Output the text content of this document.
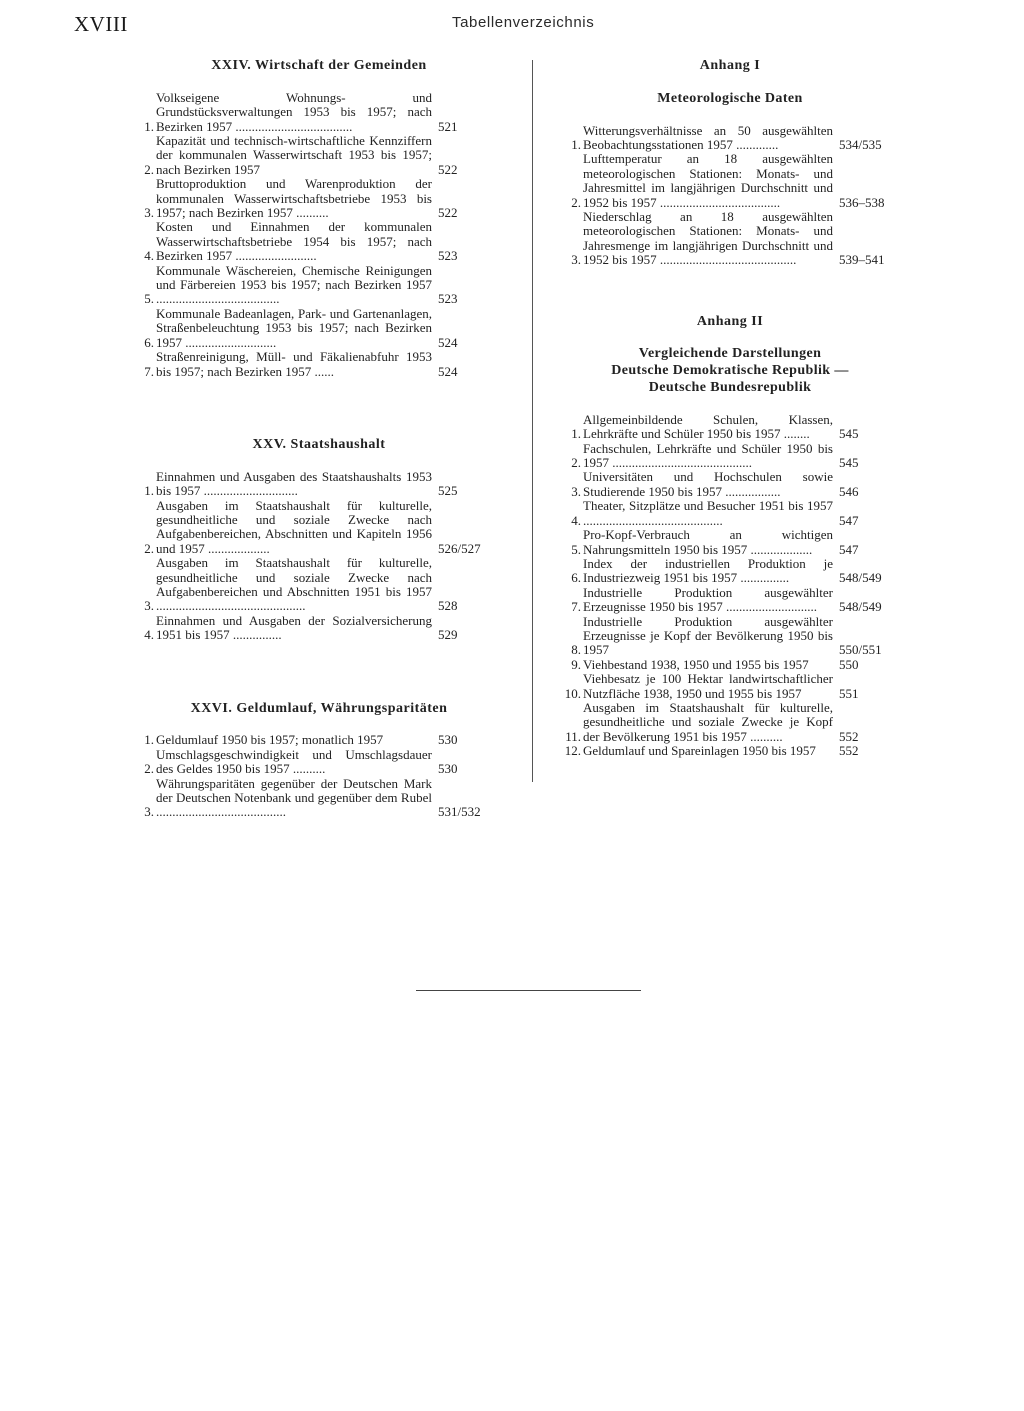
XVIII	Tabellenverzeichnis
XXIV. Wirtschaft der Gemeinden
1.
Volkseigene Wohnungs- und Grundstücksverwaltungen 1953 bis 1957; nach Bezirken 1957 ....................................	521
2.
Kapazität und technisch-wirtschaftliche Kennziffern der kommunalen Wasserwirtschaft 1953 bis 1957; nach Bezirken 1957	522
3.
Bruttoproduktion und Warenproduktion der kommunalen Wasserwirtschaftsbetriebe 1953 bis 1957; nach Bezirken 1957 ..........	522
4.
Kosten und Einnahmen der kommunalen Wasserwirtschaftsbetriebe 1954 bis 1957; nach Bezirken 1957 .........................	523
5.
Kommunale Wäschereien, Chemische Reinigungen und Färbereien 1953 bis 1957; nach Bezirken 1957 ......................................	523
6.
Kommunale Badeanlagen, Park- und Gartenanlagen, Straßenbeleuchtung 1953 bis 1957; nach Bezirken 1957 ............................	524
7.
Straßenreinigung, Müll- und Fäkalienabfuhr 1953 bis 1957; nach Bezirken 1957 ......	524
XXV. Staatshaushalt
1.
Einnahmen und Ausgaben des Staatshaushalts 1953 bis 1957 .............................	525
2.
Ausgaben im Staatshaushalt für kulturelle, gesundheitliche und soziale Zwecke nach Aufgabenbereichen, Abschnitten und Kapiteln 1956 und 1957 ...................	526/527
3.
Ausgaben im Staatshaushalt für kulturelle, gesundheitliche und soziale Zwecke nach Aufgabenbereichen und Abschnitten 1951 bis 1957 ..............................................	528
4.
Einnahmen und Ausgaben der Sozialversicherung 1951 bis 1957 ...............	529
XXVI. Geldumlauf, Währungsparitäten
1. Geldumlauf 1950 bis 1957; monatlich 1957	530
2.
Umschlagsgeschwindigkeit und Umschlagsdauer des Geldes 1950 bis 1957 ..........	530
3.
Währungsparitäten gegenüber der Deutschen Mark der Deutschen Notenbank und gegenüber dem Rubel ........................................	531/532
Anhang I
Meteorologische Daten
1.
Witterungsverhältnisse an 50 ausgewählten Beobachtungsstationen 1957 .............	534/535
2.
Lufttemperatur an 18 ausgewählten meteorologischen Stationen: Monats- und Jahresmittel im langjährigen Durchschnitt und 1952 bis 1957 .....................................	536–538
3.
Niederschlag an 18 ausgewählten meteorologischen Stationen: Monats- und Jahresmenge im langjährigen Durchschnitt und 1952 bis 1957 ..........................................	539–541
Anhang II
Vergleichende Darstellungen
Deutsche Demokratische Republik —
Deutsche Bundesrepublik
1.
Allgemeinbildende Schulen, Klassen, Lehrkräfte und Schüler 1950 bis 1957 ........	545
2.
Fachschulen, Lehrkräfte und Schüler 1950 bis 1957 ...........................................	545
3.
Universitäten und Hochschulen sowie Studierende 1950 bis 1957 .................	546
4.
Theater, Sitzplätze und Besucher 1951 bis 1957 ...........................................	547
5.
Pro-Kopf-Verbrauch an wichtigen Nahrungsmitteln 1950 bis 1957 ...................	547
6.
Index der industriellen Produktion je Industriezweig 1951 bis 1957 ...............	548/549
7.
Industrielle Produktion ausgewählter Erzeugnisse 1950 bis 1957 ............................	548/549
8.
Industrielle Produktion ausgewählter Erzeugnisse je Kopf der Bevölkerung 1950 bis 1957	550/551
9. Viehbestand 1938, 1950 und 1955 bis 1957	550
10.
Viehbesatz je 100 Hektar landwirtschaftlicher Nutzfläche 1938, 1950 und 1955 bis 1957	551
11.
Ausgaben im Staatshaushalt für kulturelle, gesundheitliche und soziale Zwecke je Kopf der Bevölkerung 1951 bis 1957 ..........	552
12. Geldumlauf und Spareinlagen 1950 bis 1957	552
